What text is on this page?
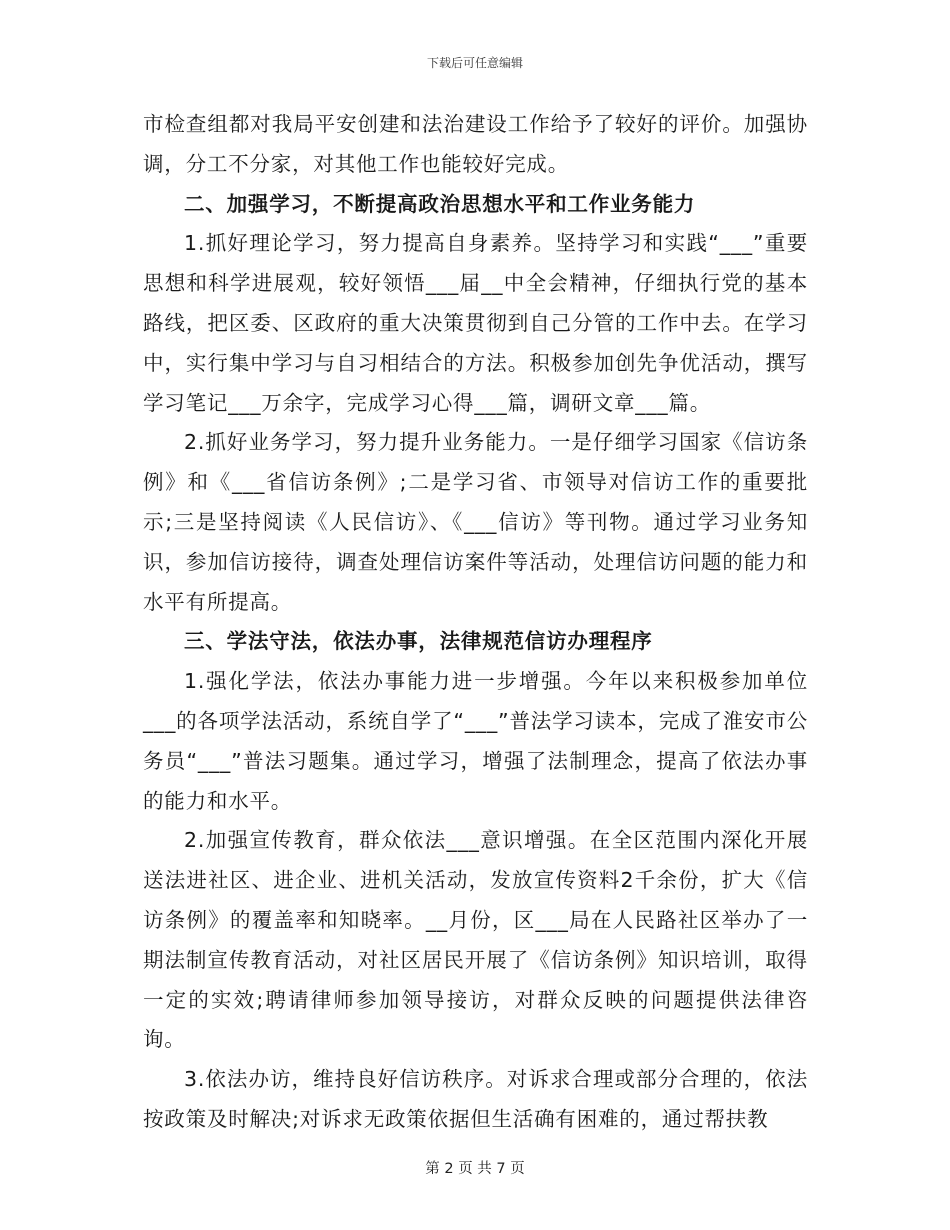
下载后可任意编辑

市检查组都对我局平安创建和法治建设工作给予了较好的评价。加强协调，分工不分家，对其他工作也能较好完成。

二、加强学习，不断提高政治思想水平和工作业务能力

1.抓好理论学习，努力提高自身素养。坚持学习和实践“___”重要思想和科学进展观，较好领悟___届__中全会精神，仔细执行党的基本路线，把区委、区政府的重大决策贯彻到自己分管的工作中去。在学习中，实行集中学习与自习相结合的方法。积极参加创先争优活动，撰写学习笔记___万余字，完成学习心得___篇，调研文章___篇。

2.抓好业务学习，努力提升业务能力。一是仔细学习国家《信访条例》和《___省信访条例》;二是学习省、市领导对信访工作的重要批示;三是坚持阅读《人民信访》、《___信访》等刊物。通过学习业务知识，参加信访接待，调查处理信访案件等活动，处理信访问题的能力和水平有所提高。

三、学法守法，依法办事，法律规范信访办理程序

1.强化学法，依法办事能力进一步增强。今年以来积极参加单位___的各项学法活动，系统自学了“___”普法学习读本，完成了淮安市公务员“___”普法习题集。通过学习，增强了法制理念，提高了依法办事的能力和水平。

2.加强宣传教育，群众依法___意识增强。在全区范围内深化开展送法进社区、进企业、进机关活动，发放宣传资料2千余份，扩大《信访条例》的覆盖率和知晓率。__月份，区___局在人民路社区举办了一期法制宣传教育活动，对社区居民开展了《信访条例》知识培训，取得一定的实效;聘请律师参加领导接访，对群众反映的问题提供法律咨询。

3.依法办访，维持良好信访秩序。对诉求合理或部分合理的，依法按政策及时解决;对诉求无政策依据但生活确有困难的，通过帮扶教

第 2 页 共 7 页
